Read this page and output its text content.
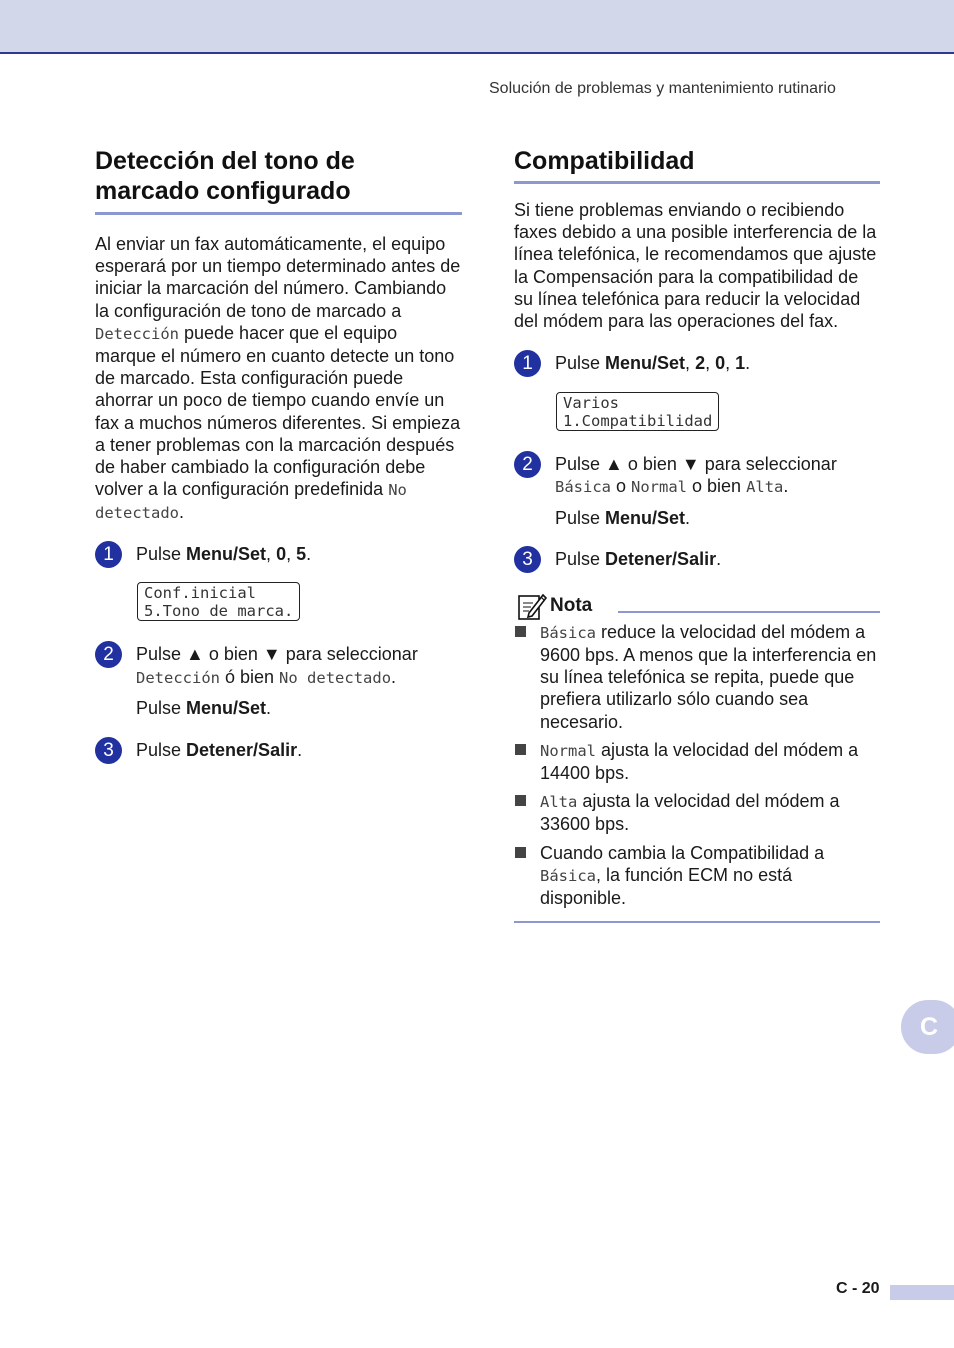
Solución de problemas y mantenimiento rutinario
Detección del tono de
marcado configurado

Al enviar un fax automáticamente, el equipo esperará por un tiempo determinado antes de iniciar la marcación del número. Cambiando la configuración de tono de marcado a Detección puede hacer que el equipo marque el número en cuanto detecte un tono de marcado. Esta configuración puede ahorrar un poco de tiempo cuando envíe un fax a muchos números diferentes. Si empieza a tener problemas con la marcación después de haber cambiado la configuración debe volver a la configuración predefinida No detectado.

1	Pulse Menu/Set, 0, 5.
Conf.inicial
5.Tono de marca.
2	Pulse ▲ o bien ▼ para seleccionar
Detección ó bien No detectado.
Pulse Menu/Set.
3	Pulse Detener/Salir.
Compatibilidad

Si tiene problemas enviando o recibiendo faxes debido a una posible interferencia de la línea telefónica, le recomendamos que ajuste la Compensación para la compatibilidad de su línea telefónica para reducir la velocidad del módem para las operaciones del fax.

1	Pulse Menu/Set, 2, 0, 1.
Varios
1.Compatibilidad
2	Pulse ▲ o bien ▼ para seleccionar
Básica o Normal o bien Alta.
Pulse Menu/Set.
3	Pulse Detener/Salir.
Nota
Básica reduce la velocidad del módem a 9600 bps. A menos que la interferencia en su línea telefónica se repita, puede que prefiera utilizarlo sólo cuando sea necesario.
Normal ajusta la velocidad del módem a 14400 bps.
Alta ajusta la velocidad del módem a 33600 bps.
Cuando cambia la Compatibilidad a Básica, la función ECM no está disponible.
C
C - 20
